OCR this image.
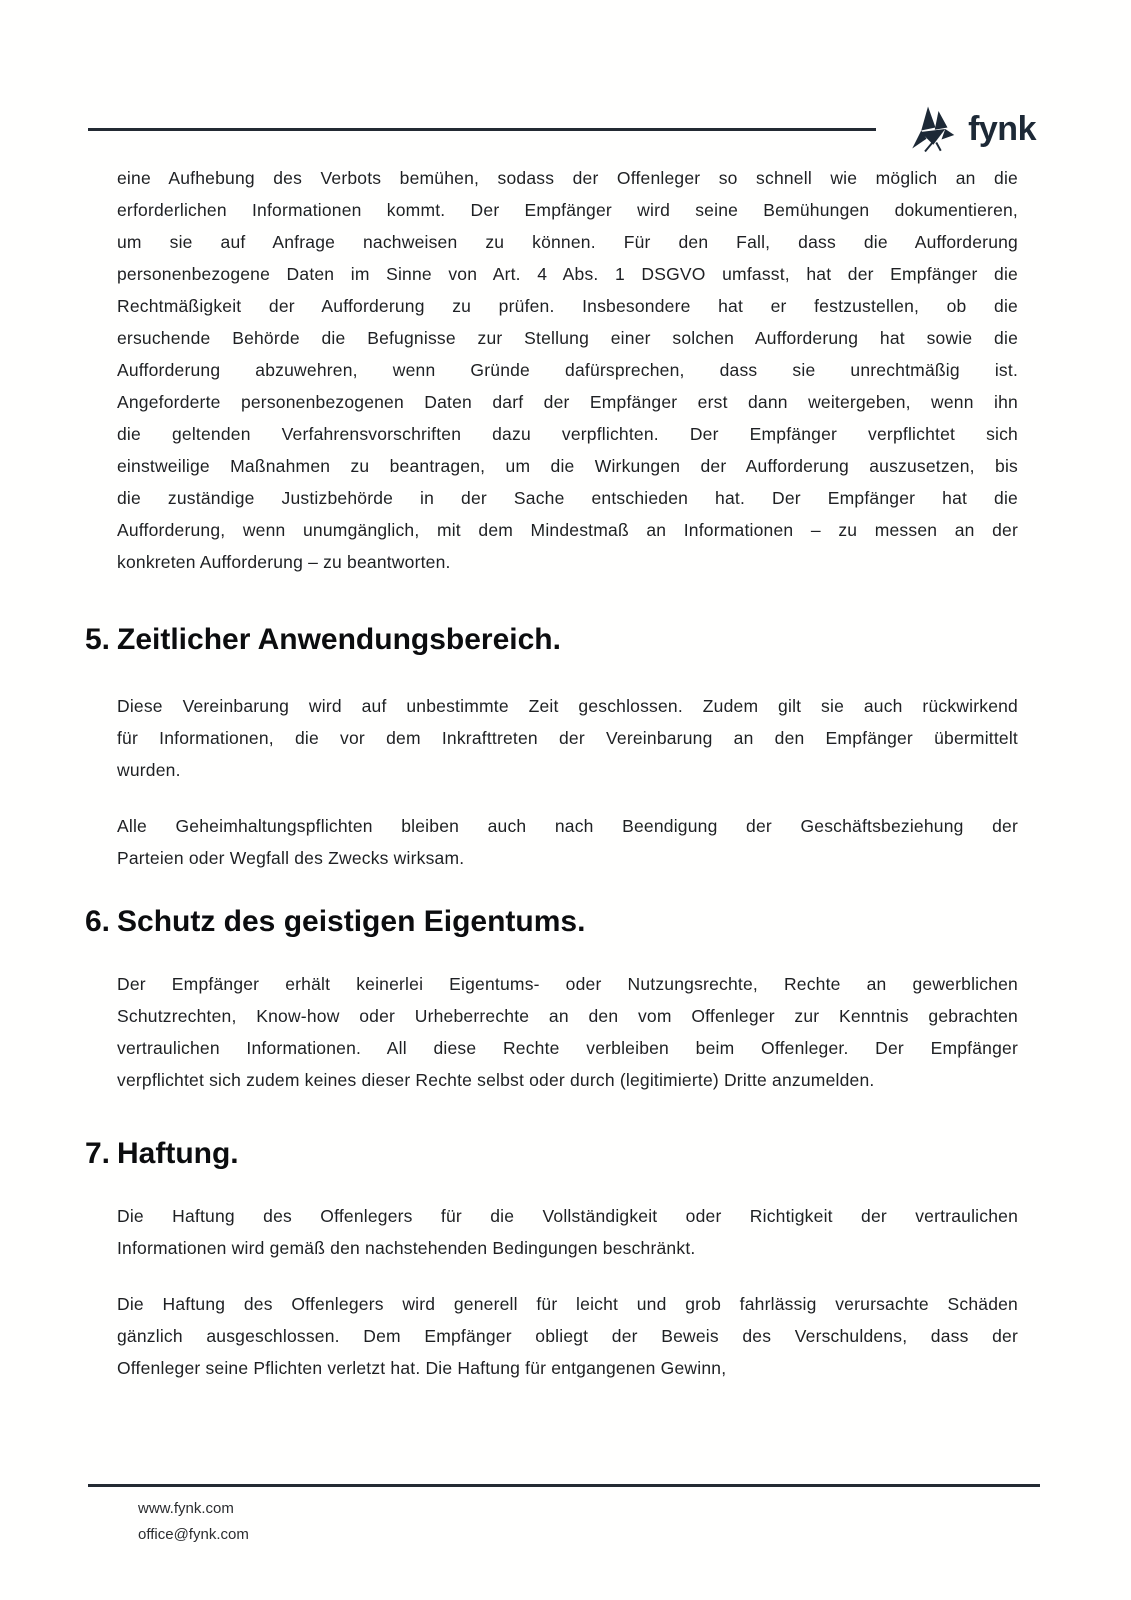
fynk
eine Aufhebung des Verbots bemühen, sodass der Offenleger so schnell wie möglich an die
erforderlichen Informationen kommt. Der Empfänger wird seine Bemühungen dokumentieren,
um sie auf Anfrage nachweisen zu können. Für den Fall, dass die Aufforderung
personenbezogene Daten im Sinne von Art. 4 Abs. 1 DSGVO umfasst, hat der Empfänger die
Rechtmäßigkeit der Aufforderung zu prüfen. Insbesondere hat er festzustellen, ob die
ersuchende Behörde die Befugnisse zur Stellung einer solchen Aufforderung hat sowie die
Aufforderung abzuwehren, wenn Gründe dafürsprechen, dass sie unrechtmäßig ist.
Angeforderte personenbezogenen Daten darf der Empfänger erst dann weitergeben, wenn ihn
die geltenden Verfahrensvorschriften dazu verpflichten. Der Empfänger verpflichtet sich
einstweilige Maßnahmen zu beantragen, um die Wirkungen der Aufforderung auszusetzen, bis
die zuständige Justizbehörde in der Sache entschieden hat. Der Empfänger hat die
Aufforderung, wenn unumgänglich, mit dem Mindestmaß an Informationen – zu messen an der
konkreten Aufforderung – zu beantworten.
5. Zeitlicher Anwendungsbereich.
Diese Vereinbarung wird auf unbestimmte Zeit geschlossen. Zudem gilt sie auch rückwirkend
für Informationen, die vor dem Inkrafttreten der Vereinbarung an den Empfänger übermittelt
wurden.
Alle Geheimhaltungspflichten bleiben auch nach Beendigung der Geschäftsbeziehung der
Parteien oder Wegfall des Zwecks wirksam.
6. Schutz des geistigen Eigentums.
Der Empfänger erhält keinerlei Eigentums- oder Nutzungsrechte, Rechte an gewerblichen
Schutzrechten, Know-how oder Urheberrechte an den vom Offenleger zur Kenntnis gebrachten
vertraulichen Informationen. All diese Rechte verbleiben beim Offenleger. Der Empfänger
verpflichtet sich zudem keines dieser Rechte selbst oder durch (legitimierte) Dritte anzumelden.
7. Haftung.
Die Haftung des Offenlegers für die Vollständigkeit oder Richtigkeit der vertraulichen
Informationen wird gemäß den nachstehenden Bedingungen beschränkt.
Die Haftung des Offenlegers wird generell für leicht und grob fahrlässig verursachte Schäden
gänzlich ausgeschlossen. Dem Empfänger obliegt der Beweis des Verschuldens, dass der
Offenleger seine Pflichten verletzt hat. Die Haftung für entgangenen Gewinn,
www.fynk.com
office@fynk.com
